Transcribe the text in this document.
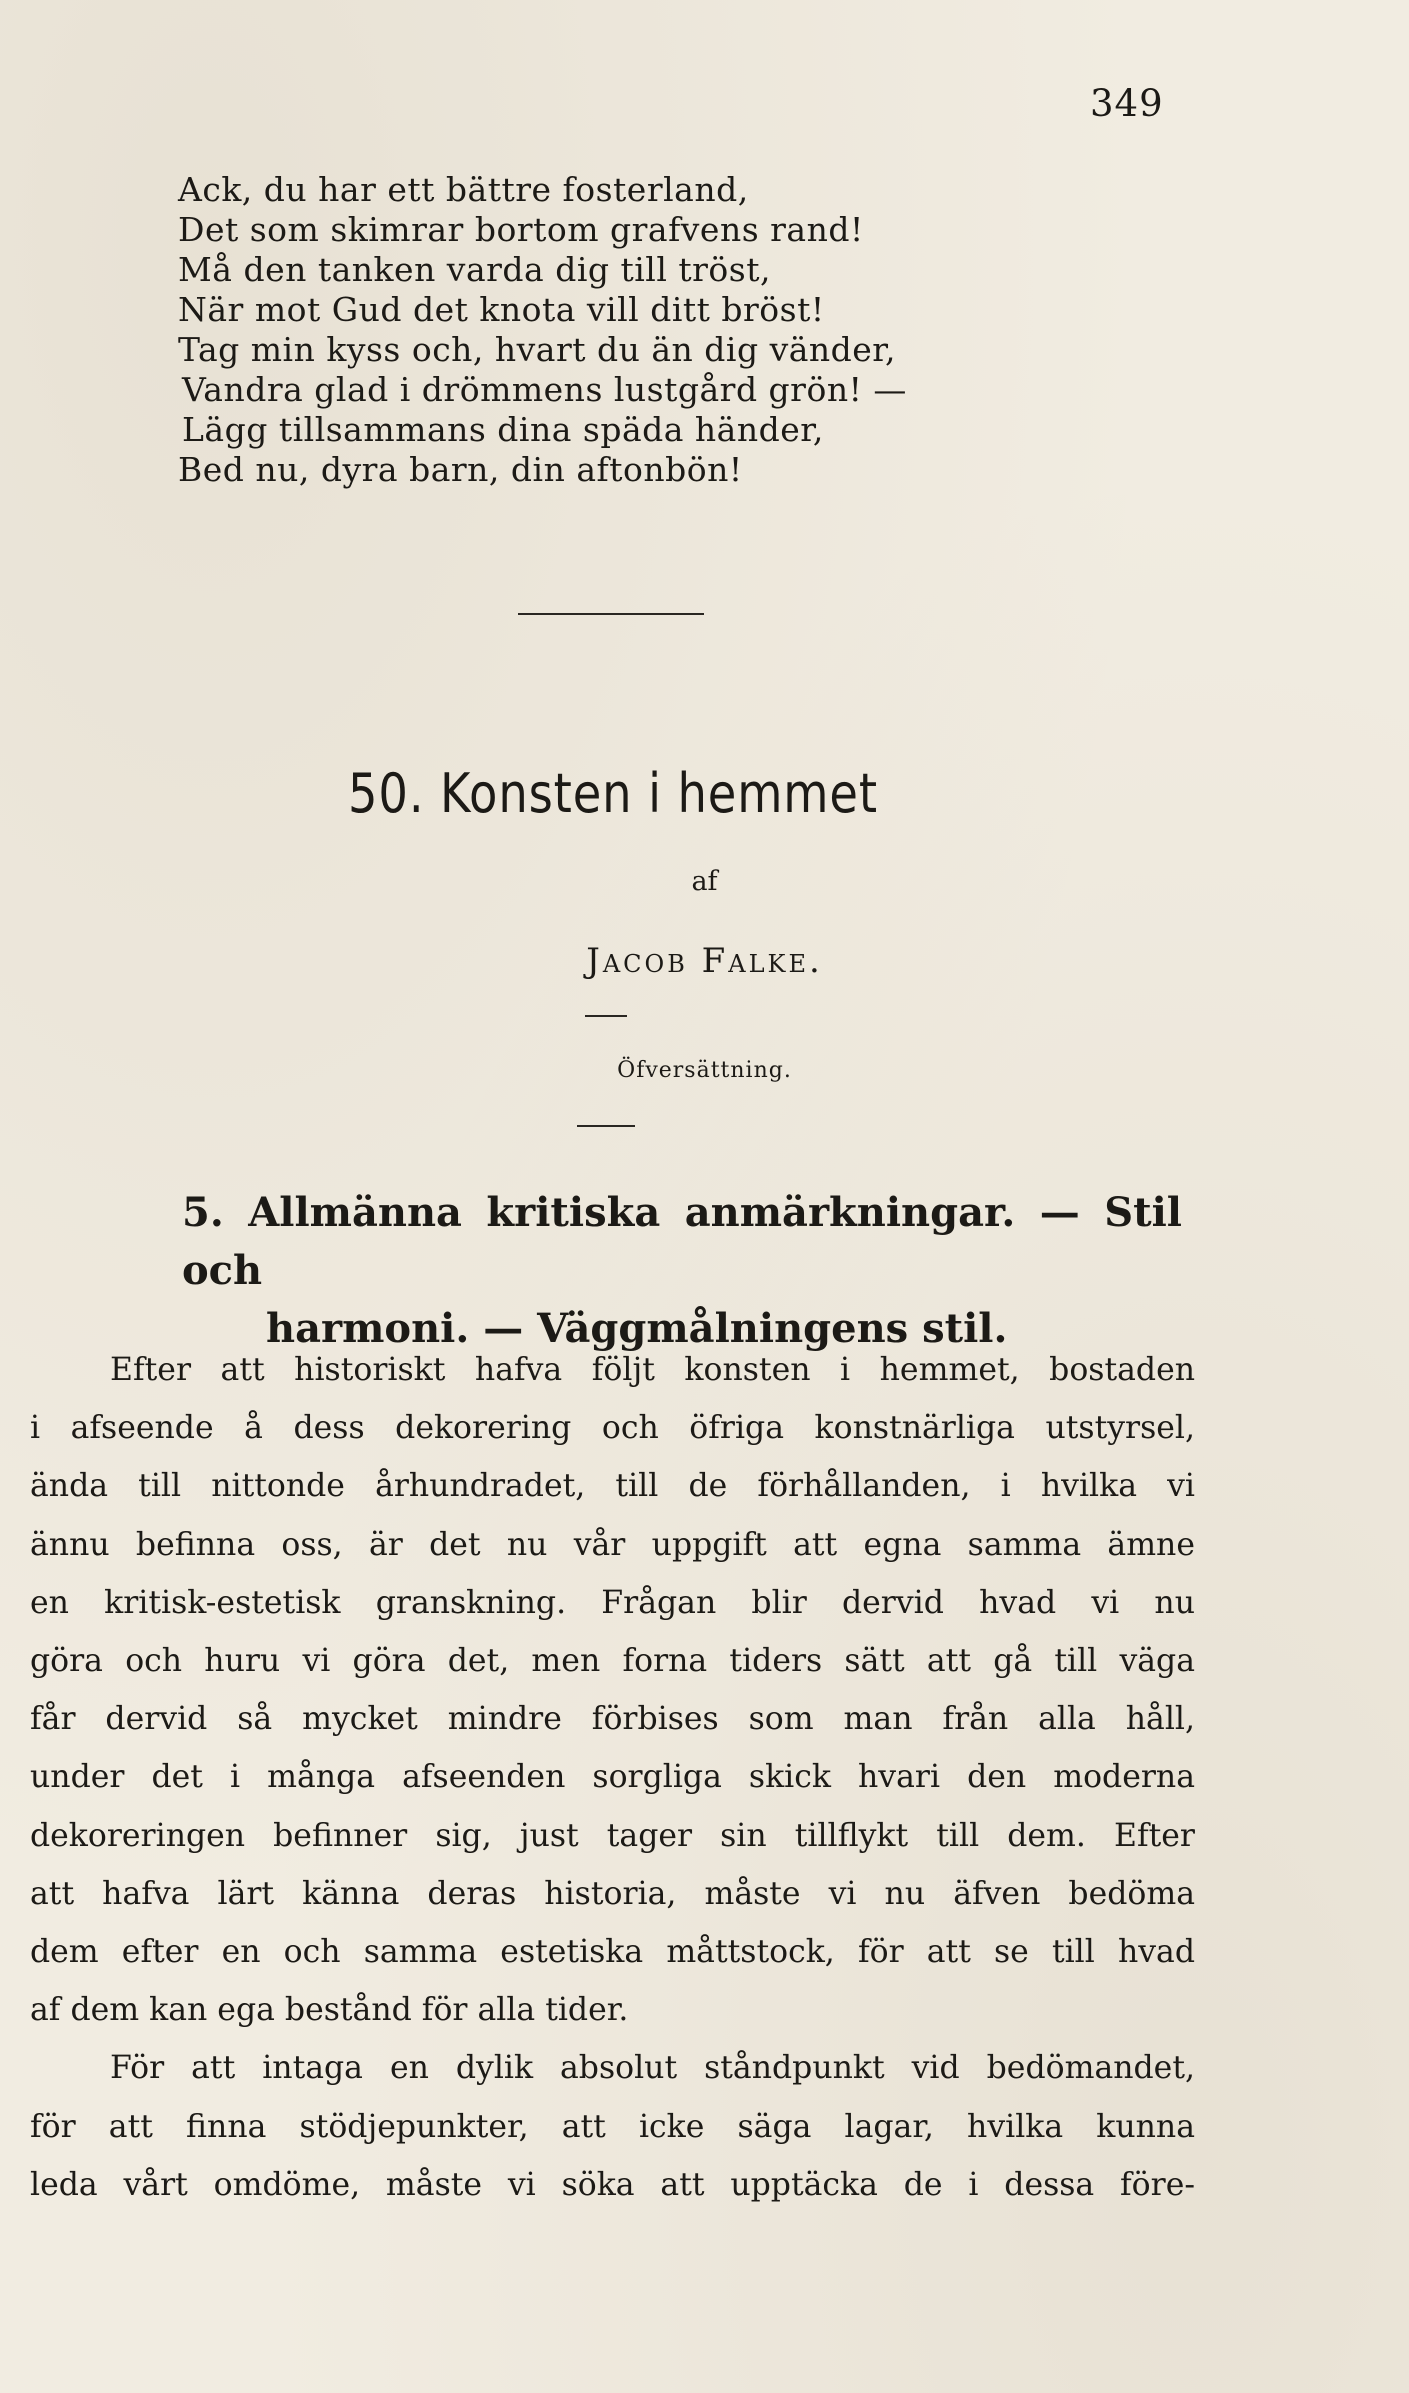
349
Ack, du har ett bättre fosterland,
Det som skimrar bortom grafvens rand!
Må den tanken varda dig till tröst,
När mot Gud det knota vill ditt bröst!
Tag min kyss och, hvart du än dig vänder,
Vandra glad i drömmens lustgård grön! —
Lägg tillsammans dina späda händer,
Bed nu, dyra barn, din aftonbön!
50. Konsten i hemmet
af
Jacob Falke.
Öfversättning.
5. Allmänna kritiska anmärkningar. — Stil och
harmoni. — Väggmålningens stil.
Efter att historiskt hafva följt konsten i hemmet, bostaden
i afseende å dess dekorering och öfriga konstnärliga utstyrsel,
ända till nittonde århundradet, till de förhållanden, i hvilka vi
ännu befinna oss, är det nu vår uppgift att egna samma ämne
en kritisk-estetisk granskning. Frågan blir dervid hvad vi nu
göra och huru vi göra det, men forna tiders sätt att gå till väga
får dervid så mycket mindre förbises som man från alla håll,
under det i många afseenden sorgliga skick hvari den moderna
dekoreringen befinner sig, just tager sin tillflykt till dem. Efter
att hafva lärt känna deras historia, måste vi nu äfven bedöma
dem efter en och samma estetiska måttstock, för att se till hvad
af dem kan ega bestånd för alla tider.
För att intaga en dylik absolut ståndpunkt vid bedömandet,
för att finna stödjepunkter, att icke säga lagar, hvilka kunna
leda vårt omdöme, måste vi söka att upptäcka de i dessa före-
